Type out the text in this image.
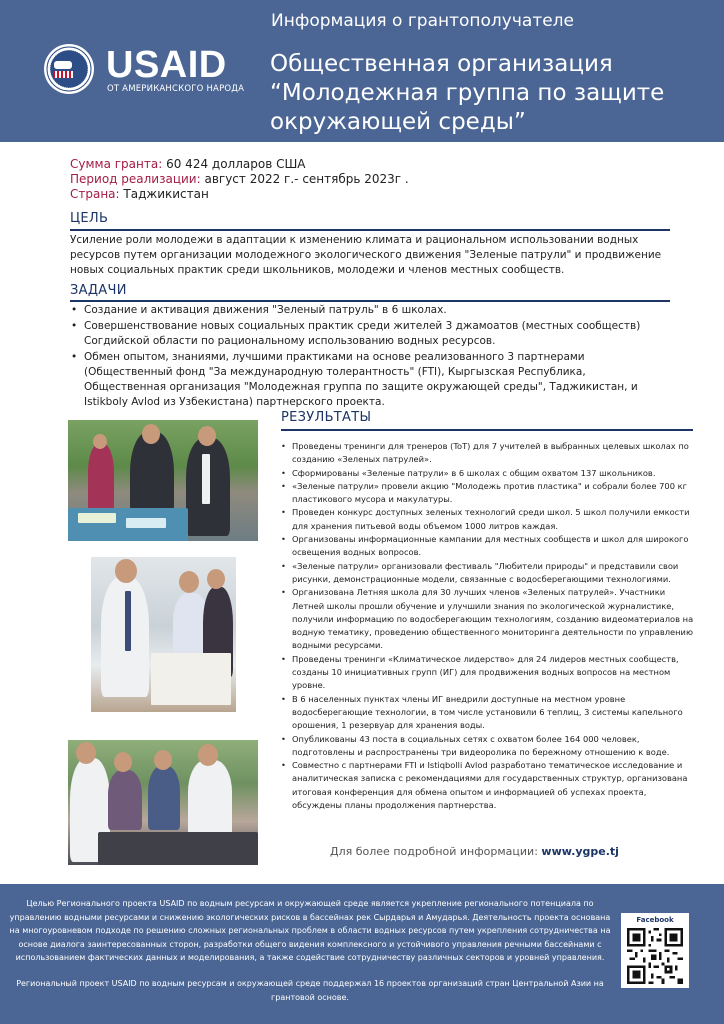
USAID
ОТ АМЕРИКАНСКОГО НАРОДА
Информация о грантополучателе
Общественная организация “Молодежная группа по защите окружающей среды”
Сумма гранта: 60 424 долларов США
Период реализации: август 2022 г.- сентябрь 2023г .
Страна: Таджикистан
ЦЕЛЬ
Усиление роли молодежи в адаптации к изменению климата и рациональном использовании водных ресурсов путем организации молодежного экологического движения "Зеленые патрули" и продвижение новых социальных практик среди школьников, молодежи и членов местных сообществ.
ЗАДАЧИ
• Создание и активация движения "Зеленый патруль" в 6 школах.
• Совершенствование новых социальных практик среди жителей 3 джамоатов (местных сообществ) Согдийской области по рациональному использованию водных ресурсов.
• Обмен опытом, знаниями, лучшими практиками на основе реализованного 3 партнерами (Общественный фонд "За международную толерантность" (FTI), Кыргызская Республика, Общественная организация "Молодежная группа по защите окружающей среды", Таджикистан, и Istikboly Avlod из Узбекистана) партнерского проекта.
РЕЗУЛЬТАТЫ
• Проведены тренинги для тренеров (ToT) для 7 учителей в выбранных целевых школах по созданию «Зеленых патрулей».
• Сформированы «Зеленые патрули» в 6 школах с общим охватом 137 школьников.
• «Зеленые патрули» провели акцию "Молодежь против пластика" и собрали более 700 кг пластикового мусора и макулатуры.
• Проведен конкурс доступных зеленых технологий среди школ. 5 школ получили емкости для хранения питьевой воды объемом 1000 литров каждая.
• Организованы информационные кампании для местных сообществ и школ для широкого освещения водных вопросов.
• «Зеленые патрули» организовали фестиваль "Любители природы" и представили свои рисунки, демонстрационные модели, связанные с водосберегающими технологиями.
• Организована Летняя школа для 30 лучших членов «Зеленых патрулей». Участники Летней школы прошли обучение и улучшили знания по экологической журналистике, получили информацию по водосберегающим технологиям, созданию видеоматериалов на водную тематику, проведению общественного мониторинга деятельности по управлению водными ресурсами.
• Проведены тренинги «Климатическое лидерство» для 24 лидеров местных сообществ, созданы 10 инициативных групп (ИГ) для продвижения водных вопросов на местном уровне.
• В 6 населенных пунктах члены ИГ внедрили доступные на местном уровне водосберегающие технологии, в том числе установили 6 теплиц, 3 системы капельного орошения, 1 резервуар для хранения воды.
• Опубликованы 43 поста в социальных сетях с охватом более 164 000 человек, подготовлены и распространены три видеоролика по бережному отношению к воде.
• Совместно с партнерами FTI и Istiqbolli Avlod разработано тематическое исследование и аналитическая записка с рекомендациями для государственных структур, организована итоговая конференция для обмена опытом и информацией об успехах проекта, обсуждены планы продолжения партнерства.
Для более подробной информации: www.ygpe.tj
Целью Регионального проекта USAID по водным ресурсам и окружающей среде является укрепление регионального потенциала по управлению водными ресурсами и снижению экологических рисков в бассейнах рек Сырдарья и Амударья. Деятельность проекта основана на многоуровневом подходе по решению сложных региональных проблем в области водных ресурсов путем укрепления сотрудничества на основе диалога заинтересованных сторон, разработки общего видения комплексного и устойчивого управления речными бассейнами с использованием фактических данных и моделирования, а также содействие сотрудничеству различных секторов и уровней управления.
Региональный проект USAID по водным ресурсам и окружающей среде поддержал 16 проектов организаций стран Центральной Азии на грантовой основе.
Facebook
